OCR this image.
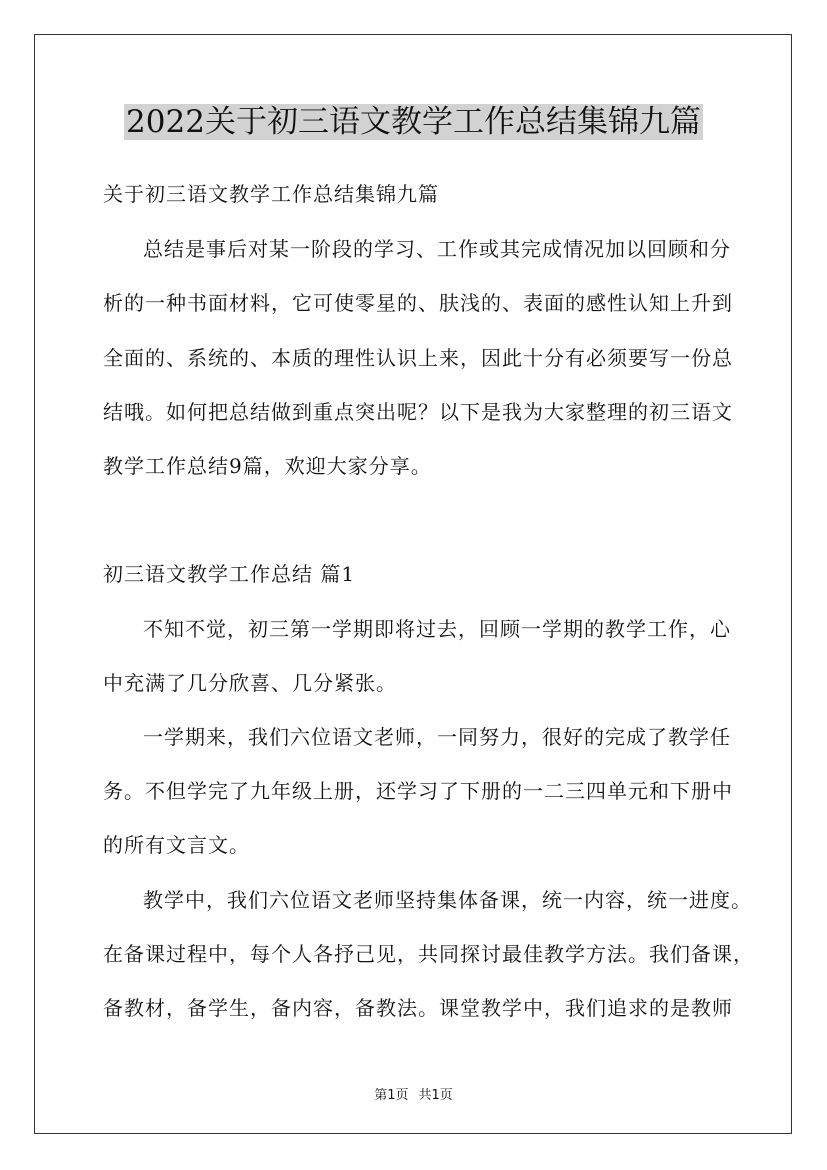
2022关于初三语文教学工作总结集锦九篇
关于初三语文教学工作总结集锦九篇
总结是事后对某一阶段的学习、工作或其完成情况加以回顾和分
析的一种书面材料，它可使零星的、肤浅的、表面的感性认知上升到
全面的、系统的、本质的理性认识上来，因此十分有必须要写一份总
结哦。如何把总结做到重点突出呢？以下是我为大家整理的初三语文
教学工作总结9篇，欢迎大家分享。
初三语文教学工作总结 篇1
不知不觉，初三第一学期即将过去，回顾一学期的教学工作，心
中充满了几分欣喜、几分紧张。
一学期来，我们六位语文老师，一同努力，很好的完成了教学任
务。不但学完了九年级上册，还学习了下册的一二三四单元和下册中
的所有文言文。
教学中，我们六位语文老师坚持集体备课，统一内容，统一进度。
在备课过程中，每个人各抒己见，共同探讨最佳教学方法。我们备课，
备教材，备学生，备内容，备教法。课堂教学中，我们追求的是教师
第1页 共1页
